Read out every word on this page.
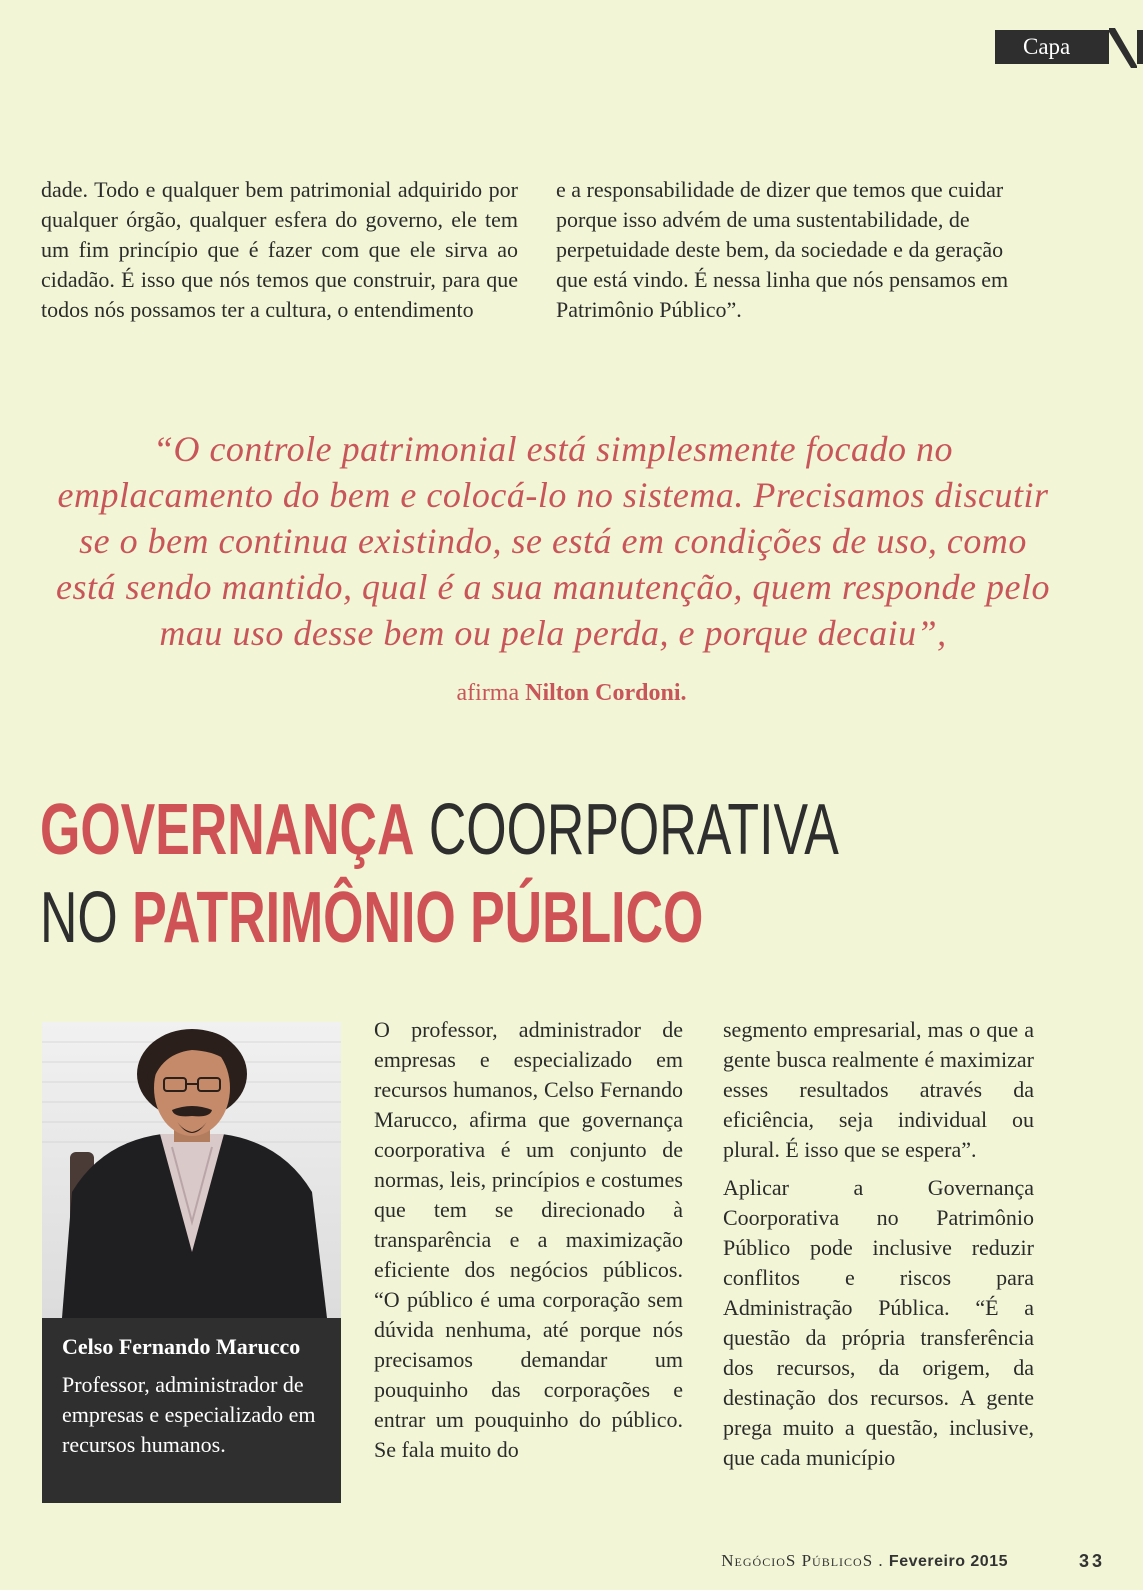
Capa

dade. Todo e qualquer bem patrimonial adquirido por qualquer órgão, qualquer esfera do governo, ele tem um fim princípio que é fazer com que ele sirva ao cidadão. É isso que nós temos que construir, para que todos nós possamos ter a cultura, o entendimento

e a responsabilidade de dizer que temos que cuidar porque isso advém de uma sustentabilidade, de perpetuidade deste bem, da sociedade e da geração que está vindo. É nessa linha que nós pensamos em Patrimônio Público”.

“O controle patrimonial está simplesmente focado no emplacamento do bem e colocá-lo no sistema. Precisamos discutir se o bem continua existindo, se está em condições de uso, como está sendo mantido, qual é a sua manutenção, quem responde pelo mau uso desse bem ou pela perda, e porque decaiu”,
afirma Nilton Cordoni.
GOVERNANÇA COORPORATIVA
NO PATRIMÔNIO PÚBLICO
Celso Fernando Marucco
Professor, administrador de empresas e especializado em recursos humanos.

O professor, administrador de empresas e especializado em recursos humanos, Celso Fernando Marucco, afirma que governança coorporativa é um conjunto de normas, leis, princípios e costumes que tem se direcionado à transparência e a maximização eficiente dos negócios públicos. “O público é uma corporação sem dúvida nenhuma, até porque nós precisamos demandar um pouquinho das corporações e entrar um pouquinho do público. Se fala muito do

segmento empresarial, mas o que a gente busca realmente é maximizar esses resultados através da eficiência, seja individual ou plural. É isso que se espera”.

Aplicar a Governança Coorporativa no Patrimônio Público pode inclusive reduzir conflitos e riscos para Administração Pública. “É a questão da própria transferência dos recursos, da origem, da destinação dos recursos. A gente prega muito a questão, inclusive, que cada município

NegócioS PúblicoS . Fevereiro 2015	33
